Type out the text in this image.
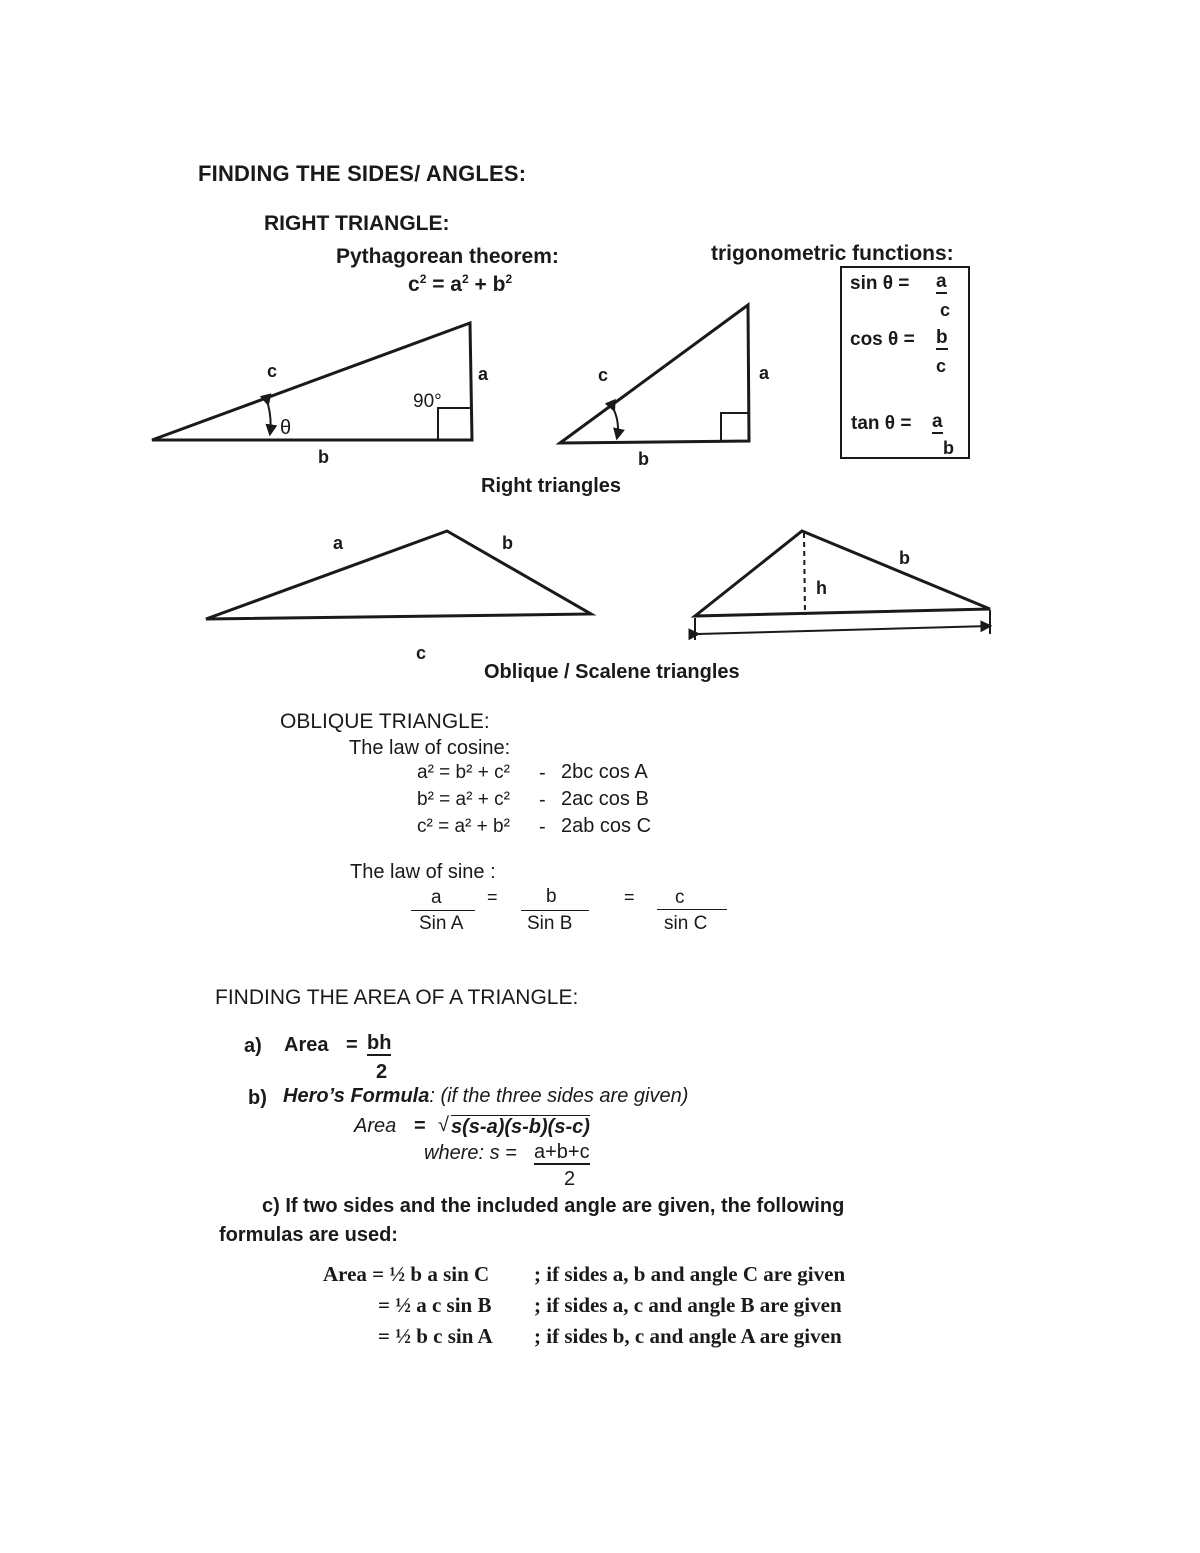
FINDING THE SIDES/ ANGLES:
RIGHT TRIANGLE:
Pythagorean theorem:
$c^2 = a^2 + b^2$
trigonometric functions:
sin θ = a
c
cos θ = b
c
tan θ = a
b
c	a
b
90°
θ
c	a
b
Right triangles
a	b
c
b
h
Oblique / Scalene triangles
OBLIQUE TRIANGLE:
The law of cosine:
a² = b² + c² - 2bc cos A
b² = a² + c² - 2ac cos B
c² = a² + b² - 2ab cos C
The law of sine :
a
Sin A
=	b
Sin B
= c
sin C
FINDING THE AREA OF A TRIANGLE:
a) Area = bh
2
b) Hero’s Formula: (if the three sides are given)
Area = √ s(s-a)(s-b)(s-c)
where: s = a+b+c
2
c) If two sides and the included angle are given, the following
formulas are used:
Area = ½ b a sin C ; if sides a, b and angle C are given
= ½ a c sin B ; if sides a, c and angle B are given
= ½ b c sin A ; if sides b, c and angle A are given
